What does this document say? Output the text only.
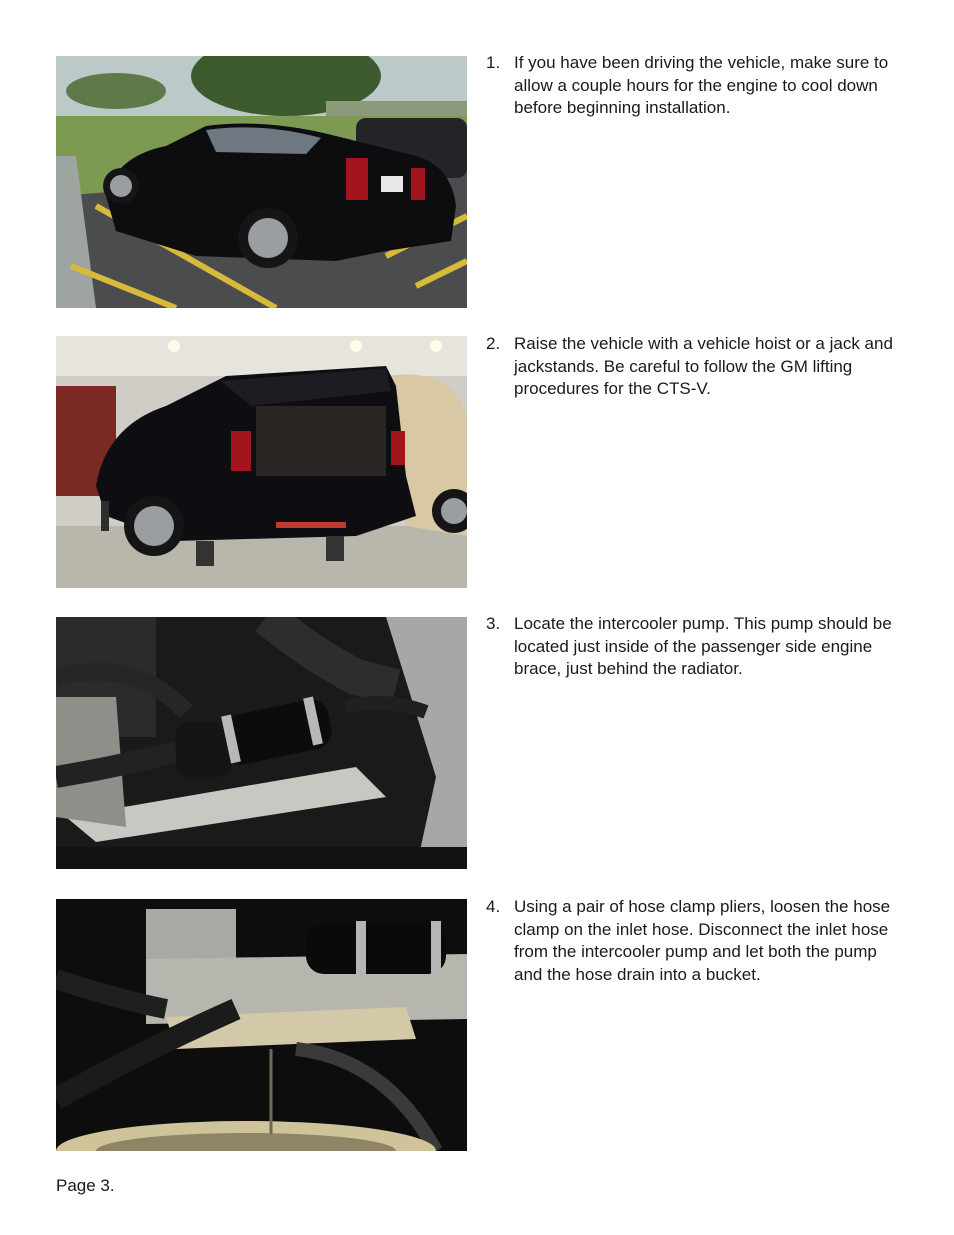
1. If you have been driving the vehicle, make sure to allow a couple hours for the engine to cool down before beginning installation.
2. Raise the vehicle with a vehicle hoist or a jack and jackstands. Be careful to follow the GM lifting procedures for the CTS-V.
3. Locate the intercooler pump. This pump should be located just inside of the passenger side engine brace, just behind the radiator.
4. Using a pair of hose clamp pliers, loosen the hose clamp on the inlet hose. Disconnect the inlet hose from the intercooler pump and let both the pump and the hose drain into a bucket.
Page 3.
